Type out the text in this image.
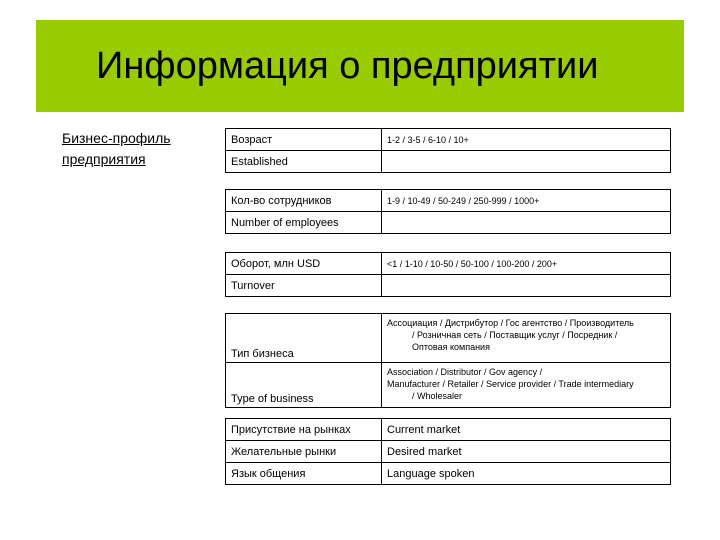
Информация о предприятии
Бизнес-профиль
предприятия
Возраст	1-2 / 3-5 / 6-10 / 10+
Established	
Кол-во сотрудников	1-9 / 10-49 / 50-249 / 250-999 / 1000+
Number of employees	
Оборот, млн USD	<1 / 1-10 / 10-50 / 50-100 / 100-200 / 200+
Turnover	
Тип бизнеса	Ассоциация / Дистрибутор / Гос агентство / Производитель

/ Розничная сеть / Поставщик услуг / Посредник /
Оптовая компания

Type of business	Association / Distributor / Gov agency /
Manufacturer / Retailer / Service provider / Trade intermediary

/ Wholesaler
Присутствие на рынках	Current market
Желательные рынки	Desired market
Язык общения	Language spoken
